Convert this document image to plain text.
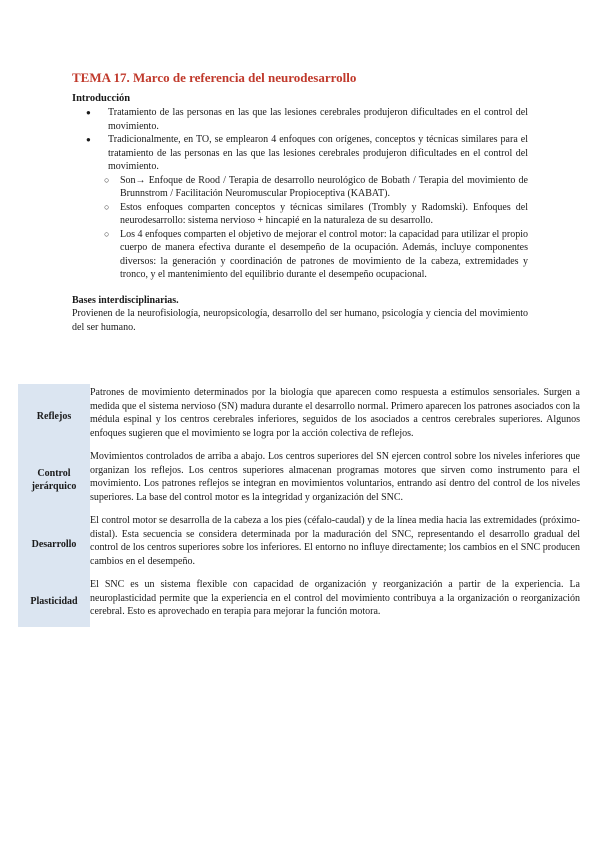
TEMA 17. Marco de referencia del neurodesarrollo

Introducción

● Tratamiento de las personas en las que las lesiones cerebrales produjeron dificultades en el control del movimiento.
● Tradicionalmente, en TO, se emplearon 4 enfoques con orígenes, conceptos y técnicas similares para el tratamiento de las personas en las que las lesiones cerebrales produjeron dificultades en el control del movimiento.
○ Son→ Enfoque de Rood / Terapia de desarrollo neurológico de Bobath / Terapia del movimiento de Brunnstrom / Facilitación Neuromuscular Propioceptiva (KABAT).
○ Estos enfoques comparten conceptos y técnicas similares (Trombly y Radomski). Enfoques del neurodesarrollo: sistema nervioso + hincapié en la naturaleza de su desarrollo.
○ Los 4 enfoques comparten el objetivo de mejorar el control motor: la capacidad para utilizar el propio cuerpo de manera efectiva durante el desempeño de la ocupación. Además, incluye componentes diversos: la generación y coordinación de patrones de movimiento de la cabeza, extremidades y tronco, y el mantenimiento del equilibrio durante el desempeño ocupacional.

Bases interdisciplinarias.

Provienen de la neurofisiología, neuropsicología, desarrollo del ser humano, psicología y ciencia del movimiento del ser humano.

Reflejos
Patrones de movimiento determinados por la biología que aparecen como respuesta a estímulos sensoriales. Surgen a medida que el sistema nervioso (SN) madura durante el desarrollo normal. Primero aparecen los patrones asociados con la médula espinal y los centros cerebrales inferiores, seguidos de los asociados a centros cerebrales superiores. Algunos enfoques sugieren que el movimiento se logra por la acción colectiva de reflejos.
Control jerárquico
Movimientos controlados de arriba a abajo. Los centros superiores del SN ejercen control sobre los niveles inferiores que organizan los reflejos. Los centros superiores almacenan programas motores que sirven como instrumento para el movimiento. Los patrones reflejos se integran en movimientos voluntarios, entrando así dentro del control de los niveles superiores. La base del control motor es la integridad y organización del SNC.
Desarrollo
El control motor se desarrolla de la cabeza a los pies (céfalo-caudal) y de la línea media hacia las extremidades (próximo-distal). Esta secuencia se considera determinada por la maduración del SNC, representando el desarrollo gradual del control de los centros superiores sobre los inferiores. El entorno no influye directamente; los cambios en el SNC producen cambios en el desempeño.
Plasticidad
El SNC es un sistema flexible con capacidad de organización y reorganización a partir de la experiencia. La neuroplasticidad permite que la experiencia en el control del movimiento contribuya a la organización o reorganización cerebral. Esto es aprovechado en terapia para mejorar la función motora.
